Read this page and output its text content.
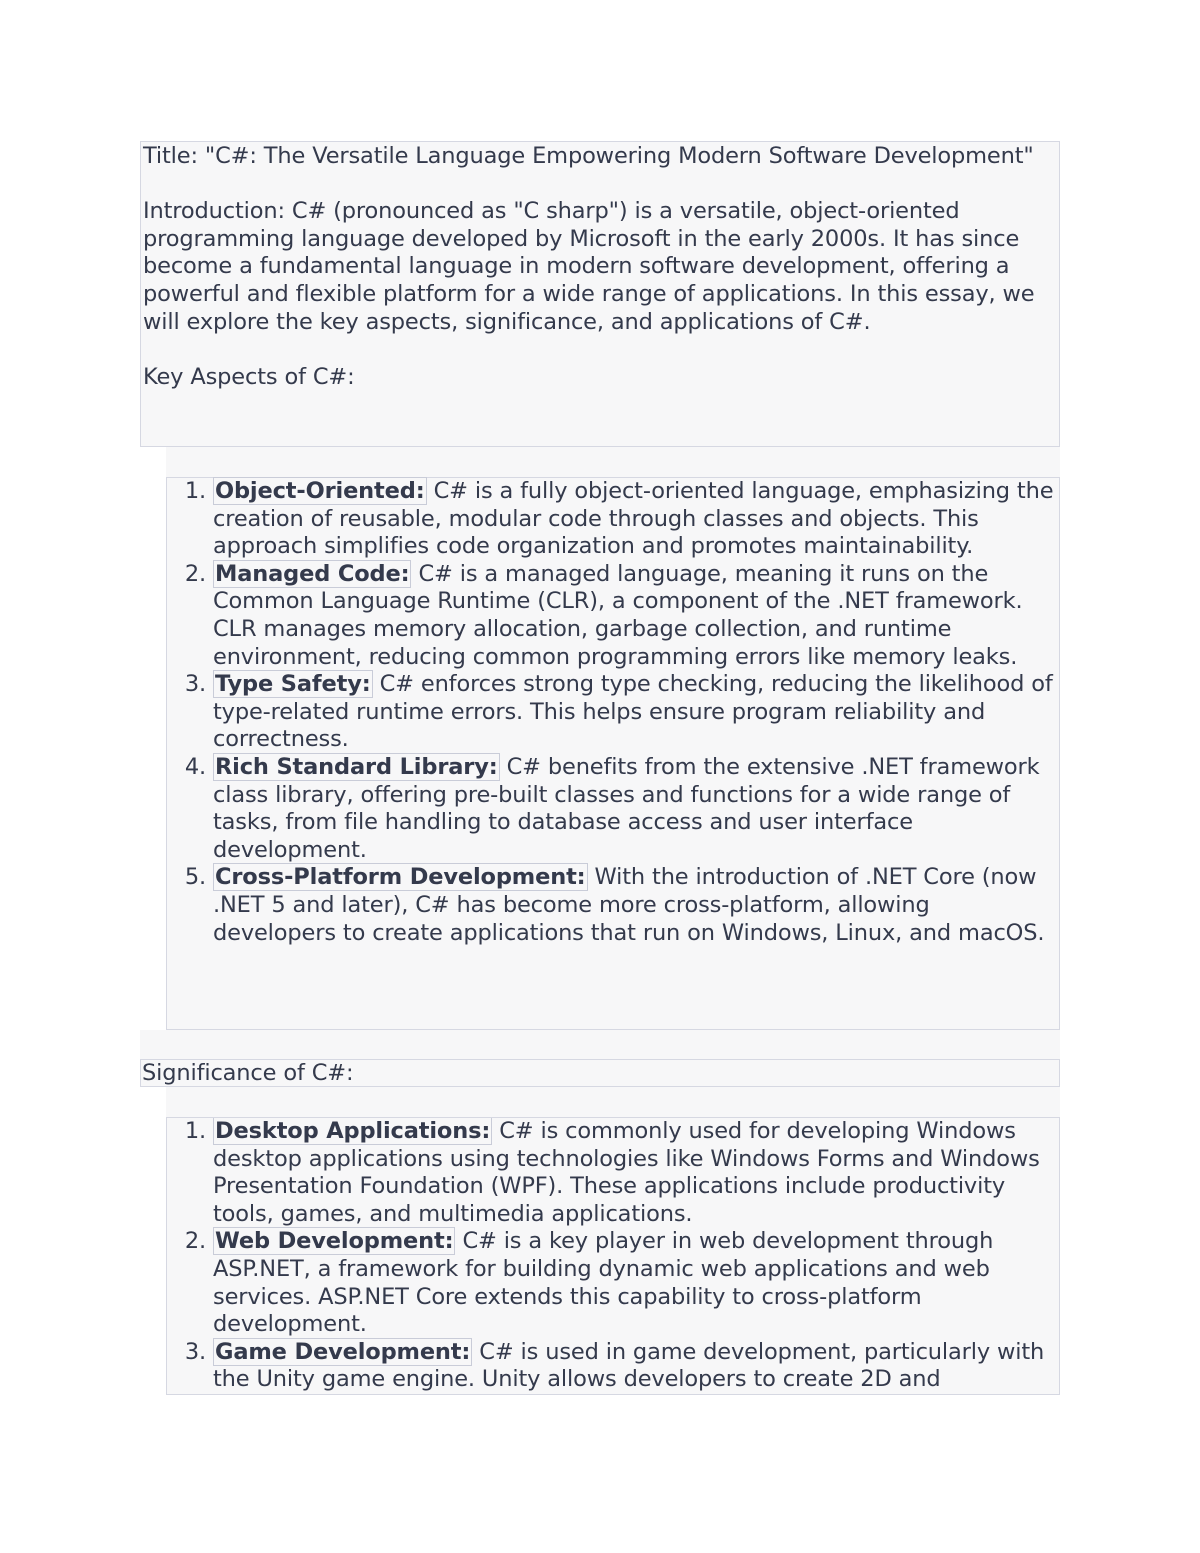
Title: "C#: The Versatile Language Empowering Modern Software Development"

Introduction: C# (pronounced as "C sharp") is a versatile, object-oriented programming language developed by Microsoft in the early 2000s. It has since become a fundamental language in modern software development, offering a powerful and flexible platform for a wide range of applications. In this essay, we will explore the key aspects, significance, and applications of C#.

Key Aspects of C#:

1. Object-Oriented: C# is a fully object-oriented language, emphasizing the creation of reusable, modular code through classes and objects. This approach simplifies code organization and promotes maintainability.
2. Managed Code: C# is a managed language, meaning it runs on the Common Language Runtime (CLR), a component of the .NET framework. CLR manages memory allocation, garbage collection, and runtime environment, reducing common programming errors like memory leaks.
3. Type Safety: C# enforces strong type checking, reducing the likelihood of type-related runtime errors. This helps ensure program reliability and correctness.
4. Rich Standard Library: C# benefits from the extensive .NET framework class library, offering pre-built classes and functions for a wide range of tasks, from file handling to database access and user interface development.
5. Cross-Platform Development: With the introduction of .NET Core (now .NET 5 and later), C# has become more cross-platform, allowing developers to create applications that run on Windows, Linux, and macOS.
Significance of C#:
1. Desktop Applications: C# is commonly used for developing Windows desktop applications using technologies like Windows Forms and Windows Presentation Foundation (WPF). These applications include productivity tools, games, and multimedia applications.
2. Web Development: C# is a key player in web development through ASP.NET, a framework for building dynamic web applications and web services. ASP.NET Core extends this capability to cross-platform development.
3. Game Development: C# is used in game development, particularly with the Unity game engine. Unity allows developers to create 2D and
